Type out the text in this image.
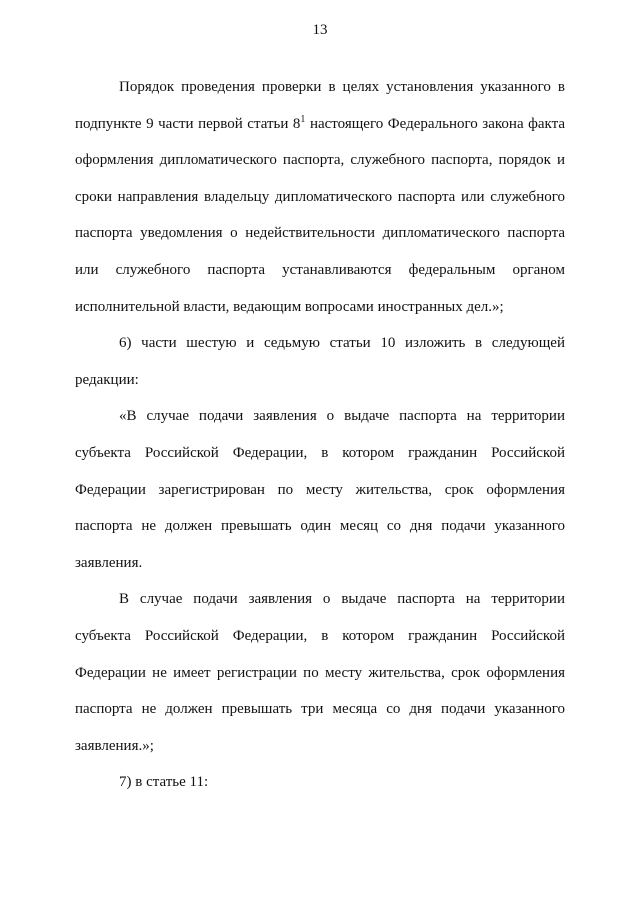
13

Порядок проведения проверки в целях установления указанного в подпункте 9 части первой статьи $8^1$ настоящего Федерального закона факта оформления дипломатического паспорта, служебного паспорта, порядок и сроки направления владельцу дипломатического паспорта или служебного паспорта уведомления о недействительности дипломатического паспорта или служебного паспорта устанавливаются федеральным органом исполнительной власти, ведающим вопросами иностранных дел.»;

6) части шестую и седьмую статьи 10 изложить в следующей редакции:

«В случае подачи заявления о выдаче паспорта на территории субъекта Российской Федерации, в котором гражданин Российской Федерации зарегистрирован по месту жительства, срок оформления паспорта не должен превышать один месяц со дня подачи указанного заявления.

В случае подачи заявления о выдаче паспорта на территории субъекта Российской Федерации, в котором гражданин Российской Федерации не имеет регистрации по месту жительства, срок оформления паспорта не должен превышать три месяца со дня подачи указанного заявления.»;

7) в статье 11:
